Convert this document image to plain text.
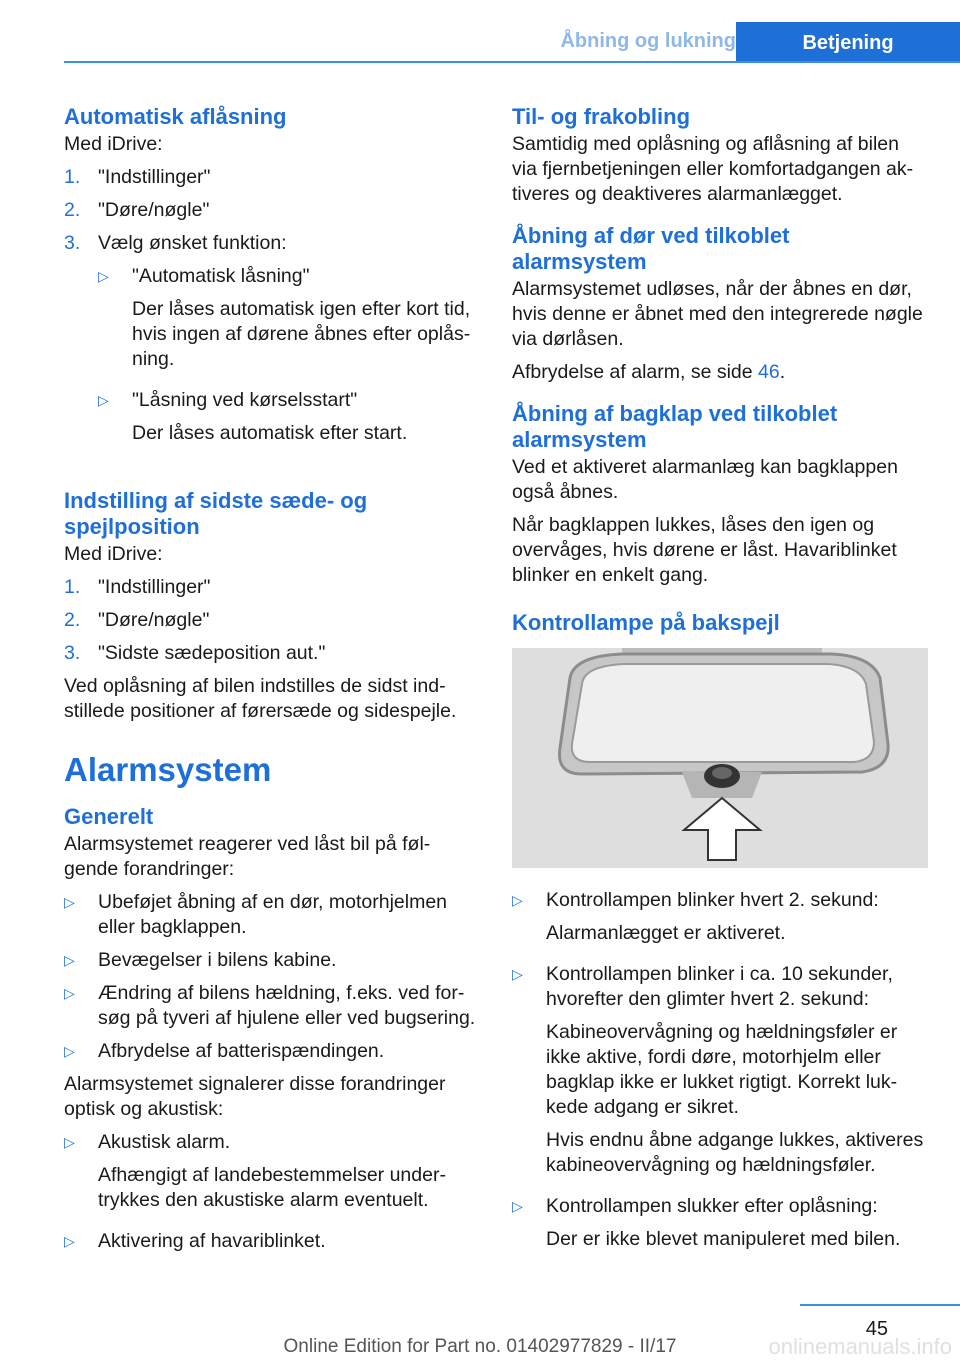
Åbning og lukning	Betjening
Automatisk aflåsning

Med iDrive:

1. "Indstillinger"
2. "Døre/nøgle"
3. Vælg ønsket funktion:
▷	"Automatisk låsning"

Der låses automatisk igen efter kort tid, hvis ingen af dørene åbnes efter oplås-ning.

▷	"Låsning ved kørselsstart"

Der låses automatisk efter start.

Indstilling af sidste sæde- og spejlposition

Med iDrive:

1. "Indstillinger"
2. "Døre/nøgle"
3. "Sidste sædeposition aut."

Ved oplåsning af bilen indstilles de sidst ind-stillede positioner af førersæde og sidespejle.

Alarmsystem
Generelt

Alarmsystemet reagerer ved låst bil på føl-gende forandringer:

▷	Ubeføjet åbning af en dør, motorhjelmen eller bagklappen.
▷	Bevægelser i bilens kabine.
▷	Ændring af bilens hældning, f.eks. ved for-søg på tyveri af hjulene eller ved bugsering.
▷	Afbrydelse af batterispændingen.

Alarmsystemet signalerer disse forandringer optisk og akustisk:

▷	Akustisk alarm.

Afhængigt af landebestemmelser under-trykkes den akustiske alarm eventuelt.

▷	Aktivering af havariblinket.
Til- og frakobling

Samtidig med oplåsning og aflåsning af bilen via fjernbetjeningen eller komfortadgangen ak-tiveres og deaktiveres alarmanlægget.

Åbning af dør ved tilkoblet alarmsystem

Alarmsystemet udløses, når der åbnes en dør, hvis denne er åbnet med den integrerede nøgle via dørlåsen.

Afbrydelse af alarm, se side 46.

Åbning af bagklap ved tilkoblet alarmsystem

Ved et aktiveret alarmanlæg kan bagklappen også åbnes.

Når bagklappen lukkes, låses den igen og overvåges, hvis dørene er låst. Havariblinket blinker en enkelt gang.

Kontrollampe på bakspejl
▷	Kontrollampen blinker hvert 2. sekund:

Alarmanlægget er aktiveret.

▷	Kontrollampen blinker i ca. 10 sekunder, hvorefter den glimter hvert 2. sekund:

Kabineovervågning og hældningsføler er ikke aktive, fordi døre, motorhjelm eller bagklap ikke er lukket rigtigt. Korrekt luk-kede adgang er sikret.

Hvis endnu åbne adgange lukkes, aktiveres kabineovervågning og hældningsføler.

▷	Kontrollampen slukker efter oplåsning:

Der er ikke blevet manipuleret med bilen.

45
Online Edition for Part no. 01402977829 - II/17	onlinemanuals.info
